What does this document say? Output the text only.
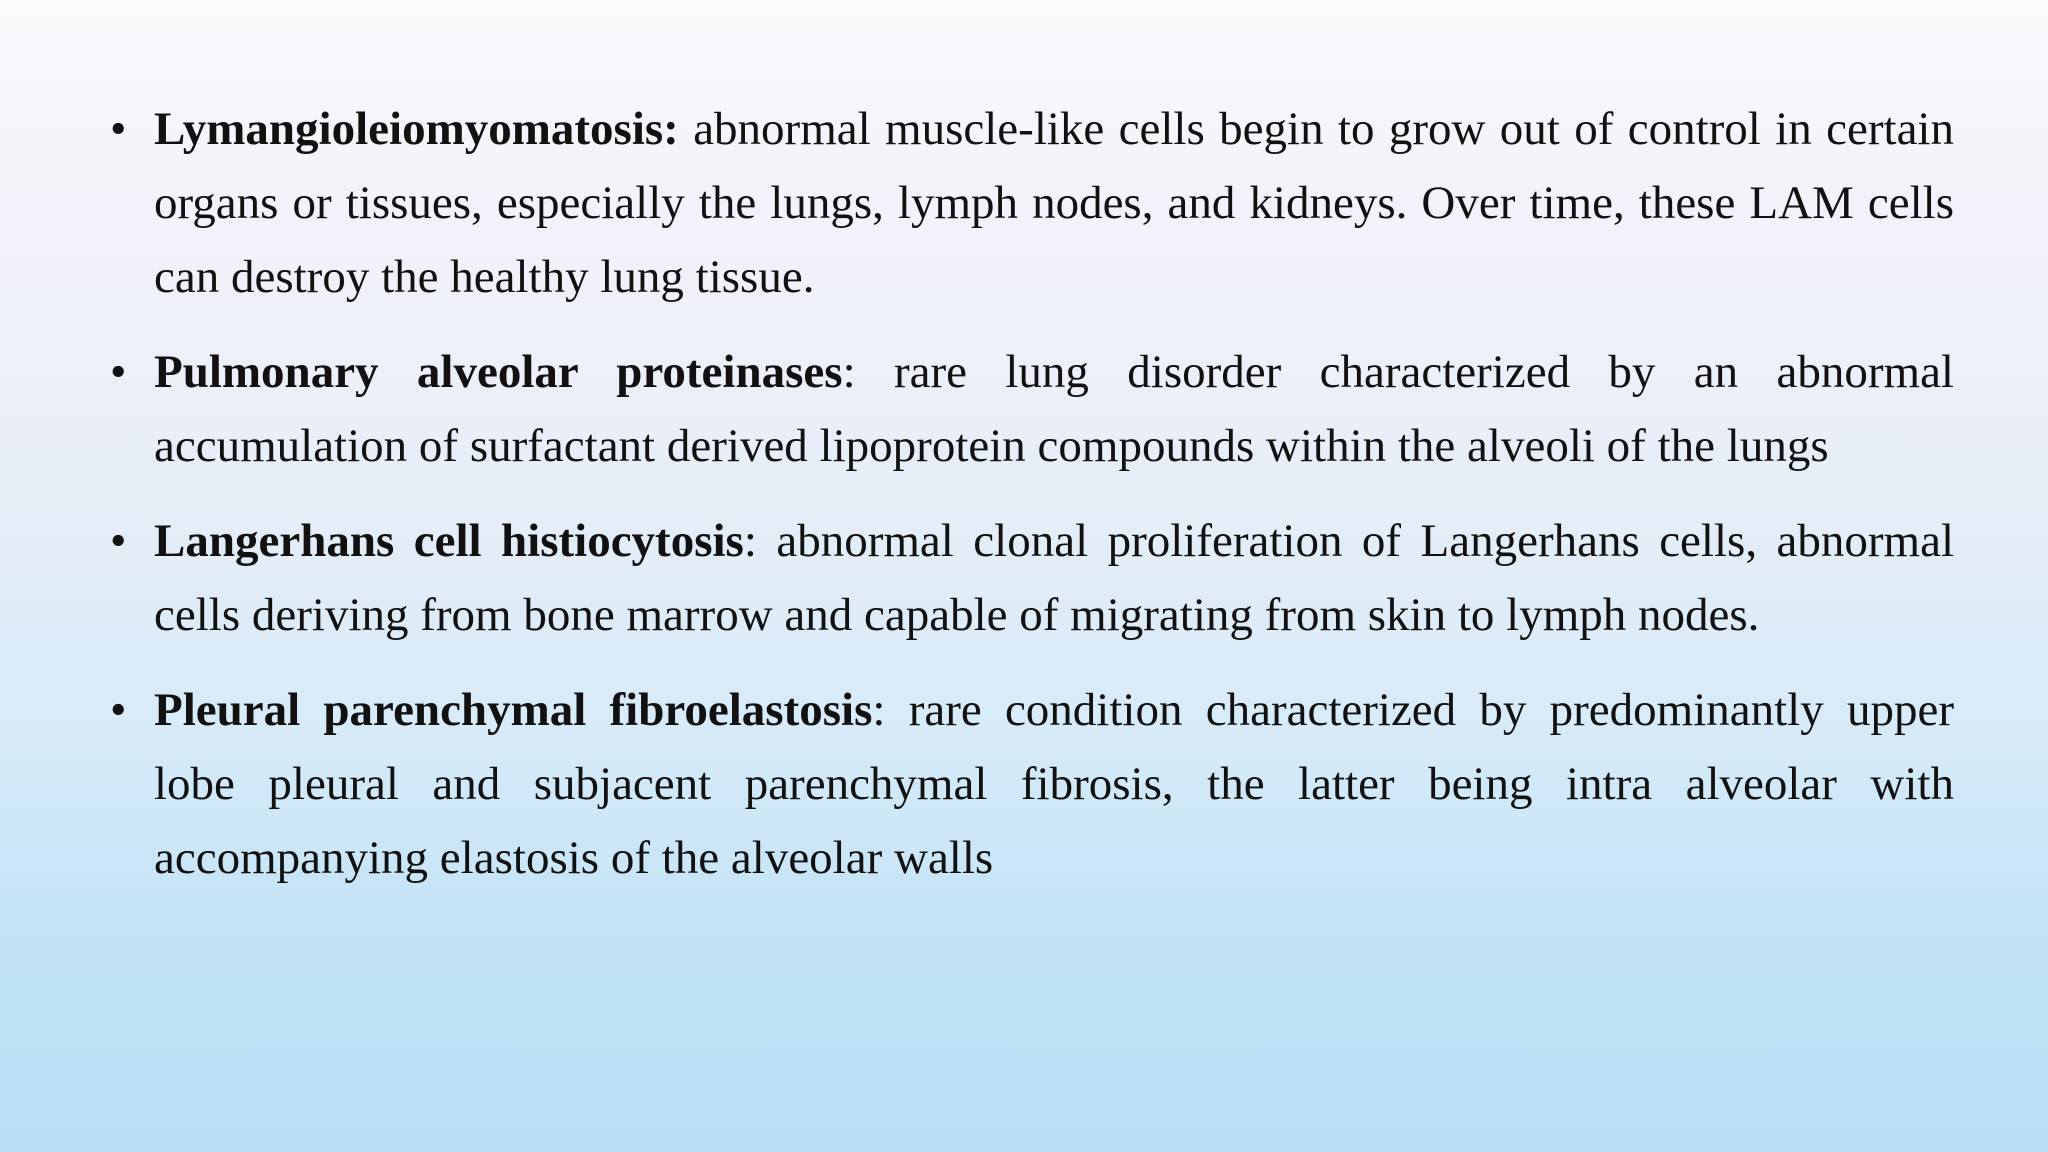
• Lymangioleiomyomatosis: abnormal muscle-like cells begin to grow out of control in certain organs or tissues, especially the lungs, lymph nodes, and kidneys. Over time, these LAM cells can destroy the healthy lung tissue.
• Pulmonary alveolar proteinases: rare lung disorder characterized by an abnormal accumulation of surfactant derived lipoprotein compounds within the alveoli of the lungs
• Langerhans cell histiocytosis: abnormal clonal proliferation of Langerhans cells, abnormal cells deriving from bone marrow and capable of migrating from skin to lymph nodes.
• Pleural parenchymal fibroelastosis: rare condition characterized by predominantly upper lobe pleural and subjacent parenchymal fibrosis, the latter being intra alveolar with accompanying elastosis of the alveolar walls
